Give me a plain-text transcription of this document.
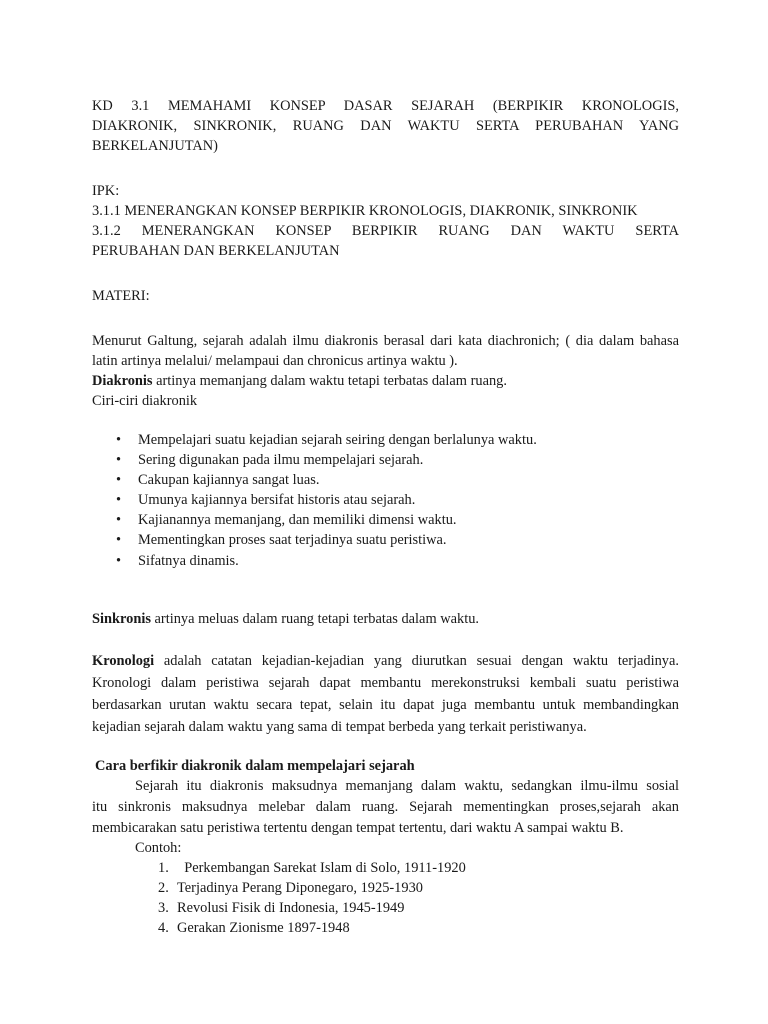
KD 3.1 MEMAHAMI KONSEP DASAR SEJARAH (BERPIKIR KRONOLOGIS,
DIAKRONIK, SINKRONIK, RUANG DAN WAKTU SERTA PERUBAHAN YANG
BERKELANJUTAN)
IPK:
3.1.1 MENERANGKAN KONSEP BERPIKIR KRONOLOGIS, DIAKRONIK, SINKRONIK
3.1.2 MENERANGKAN KONSEP BERPIKIR RUANG DAN WAKTU SERTA
PERUBAHAN DAN BERKELANJUTAN
MATERI:
Menurut Galtung, sejarah adalah ilmu diakronis berasal dari kata diachronich; ( dia dalam bahasa
latin artinya melalui/ melampaui dan chronicus artinya waktu ).
Diakronis artinya memanjang dalam waktu tetapi terbatas dalam ruang.
Ciri-ciri diakronik
• Mempelajari suatu kejadian sejarah seiring dengan berlalunya waktu.
• Sering digunakan pada ilmu mempelajari sejarah.
• Cakupan kajiannya sangat luas.
• Umunya kajiannya bersifat historis atau sejarah.
• Kajianannya memanjang, dan memiliki dimensi waktu.
• Mementingkan proses saat terjadinya suatu peristiwa.
• Sifatnya dinamis.
Sinkronis artinya meluas dalam ruang tetapi terbatas dalam waktu.
Kronologi adalah catatan kejadian-kejadian yang diurutkan sesuai dengan waktu terjadinya.
Kronologi dalam peristiwa sejarah dapat membantu merekonstruksi kembali suatu peristiwa
berdasarkan urutan waktu secara tepat, selain itu dapat juga membantu untuk membandingkan
kejadian sejarah dalam waktu yang sama di tempat berbeda yang terkait peristiwanya.
Cara berfikir diakronik dalam mempelajari sejarah
Sejarah itu diakronis maksudnya memanjang dalam waktu, sedangkan ilmu-ilmu sosial
itu sinkronis maksudnya melebar dalam ruang. Sejarah mementingkan proses,sejarah akan
membicarakan satu peristiwa tertentu dengan tempat tertentu, dari waktu A sampai waktu B.
Contoh:
1. Perkembangan Sarekat Islam di Solo, 1911-1920
2. Terjadinya Perang Diponegaro, 1925-1930
3. Revolusi Fisik di Indonesia, 1945-1949
4. Gerakan Zionisme 1897-1948
